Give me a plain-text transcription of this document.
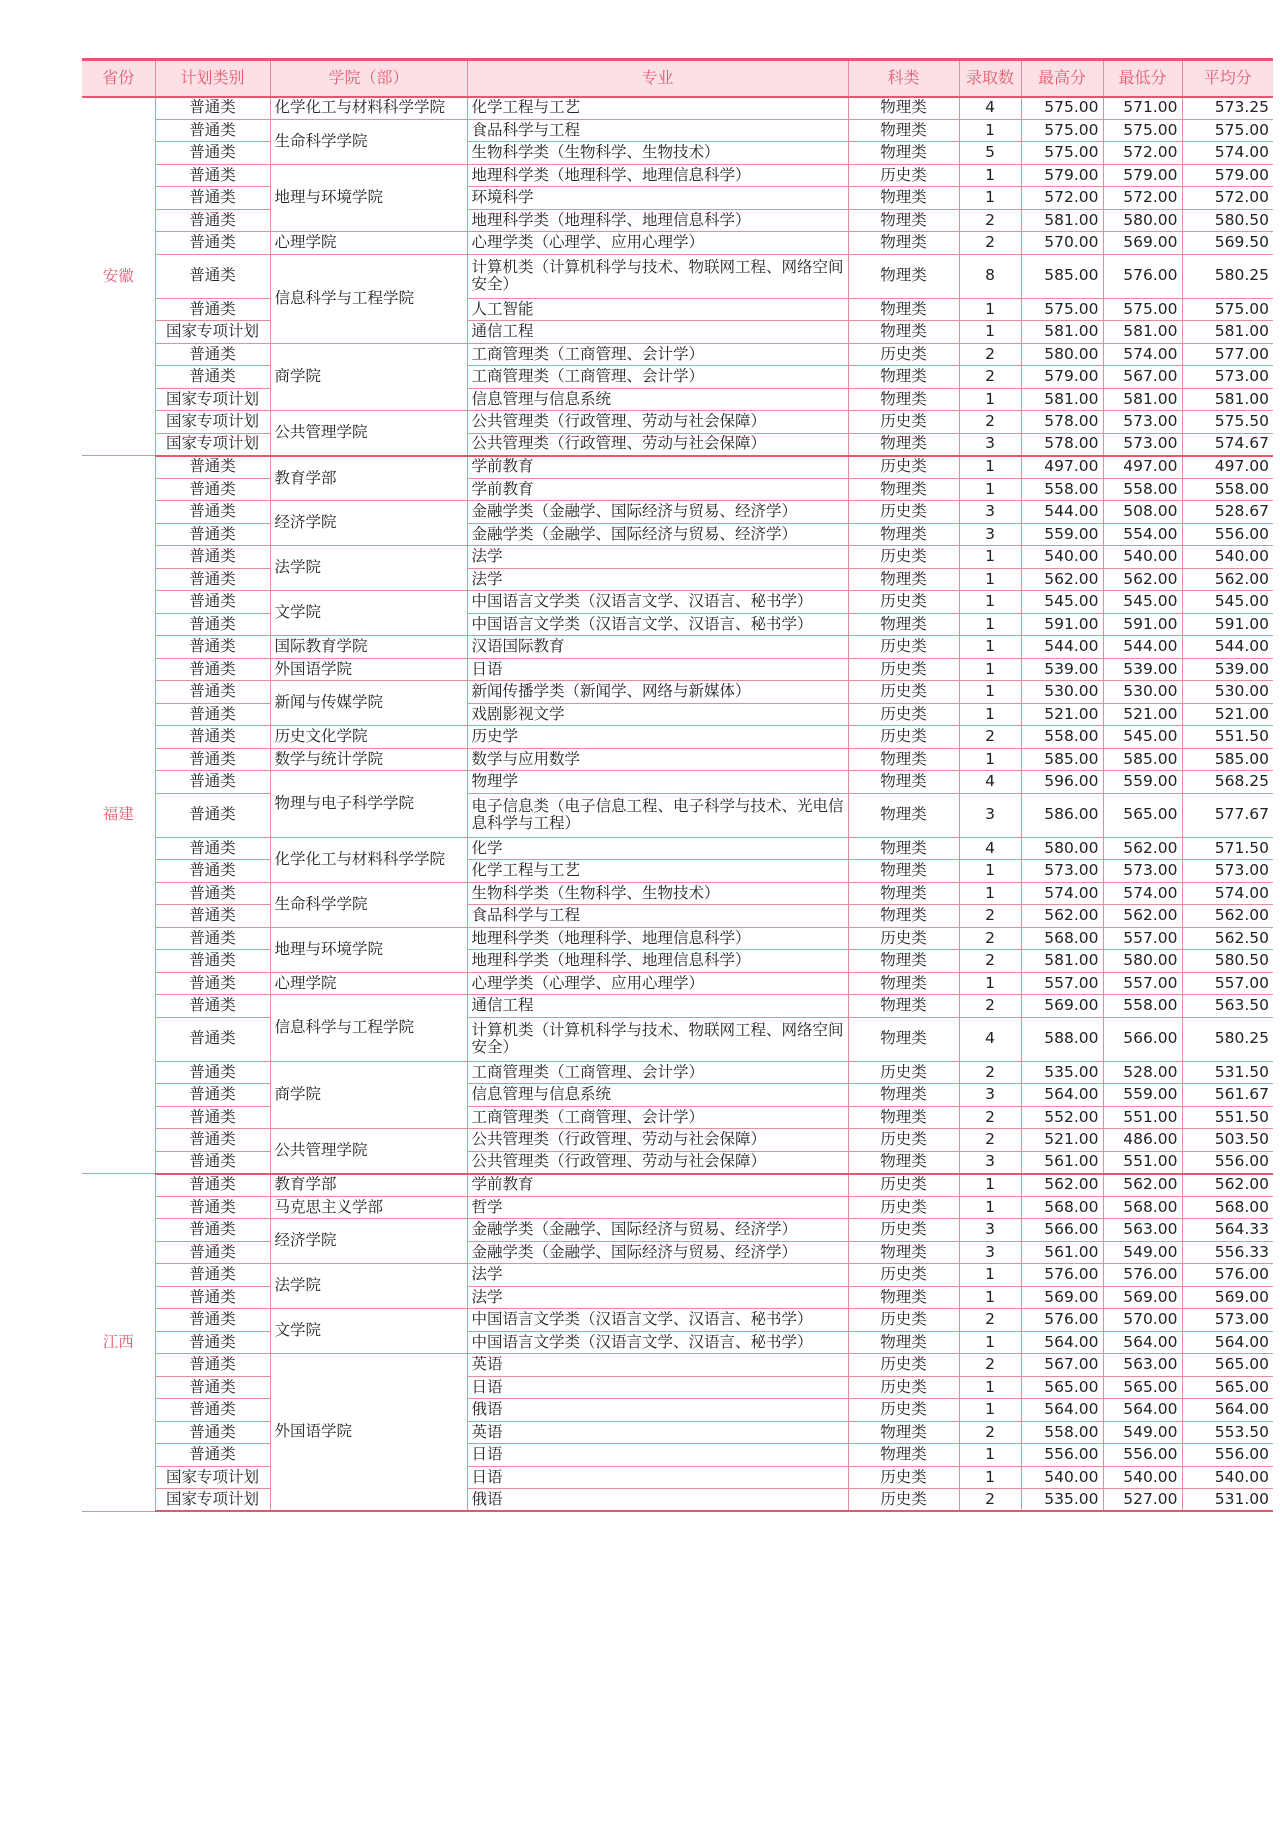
省份	计划类别	学院（部）	专业	科类	录取数	最高分	最低分	平均分
安徽	普通类	化学化工与材料科学学院	化学工程与工艺	物理类	4	575.00	571.00	573.25
	普通类	生命科学学院	食品科学与工程	物理类	1	575.00	575.00	575.00
	普通类		生物科学类（生物科学、生物技术）	物理类	5	575.00	572.00	574.00
	普通类	地理与环境学院	地理科学类（地理科学、地理信息科学）	历史类	1	579.00	579.00	579.00
	普通类		环境科学	物理类	1	572.00	572.00	572.00
	普通类		地理科学类（地理科学、地理信息科学）	物理类	2	581.00	580.00	580.50
	普通类	心理学院	心理学类（心理学、应用心理学）	物理类	2	570.00	569.00	569.50
	普通类	信息科学与工程学院	计算机类（计算机科学与技术、物联网工程、网络空间安全）	物理类	8	585.00	576.00	580.25
	普通类		人工智能	物理类	1	575.00	575.00	575.00
	国家专项计划		通信工程	物理类	1	581.00	581.00	581.00
	普通类	商学院	工商管理类（工商管理、会计学）	历史类	2	580.00	574.00	577.00
	普通类		工商管理类（工商管理、会计学）	物理类	2	579.00	567.00	573.00
	国家专项计划		信息管理与信息系统	物理类	1	581.00	581.00	581.00
	国家专项计划	公共管理学院	公共管理类（行政管理、劳动与社会保障）	历史类	2	578.00	573.00	575.50
	国家专项计划		公共管理类（行政管理、劳动与社会保障）	物理类	3	578.00	573.00	574.67
福建	普通类	教育学部	学前教育	历史类	1	497.00	497.00	497.00
	普通类		学前教育	物理类	1	558.00	558.00	558.00
	普通类	经济学院	金融学类（金融学、国际经济与贸易、经济学）	历史类	3	544.00	508.00	528.67
	普通类		金融学类（金融学、国际经济与贸易、经济学）	物理类	3	559.00	554.00	556.00
	普通类	法学院	法学	历史类	1	540.00	540.00	540.00
	普通类		法学	物理类	1	562.00	562.00	562.00
	普通类	文学院	中国语言文学类（汉语言文学、汉语言、秘书学）	历史类	1	545.00	545.00	545.00
	普通类		中国语言文学类（汉语言文学、汉语言、秘书学）	物理类	1	591.00	591.00	591.00
	普通类	国际教育学院	汉语国际教育	历史类	1	544.00	544.00	544.00
	普通类	外国语学院	日语	历史类	1	539.00	539.00	539.00
	普通类	新闻与传媒学院	新闻传播学类（新闻学、网络与新媒体）	历史类	1	530.00	530.00	530.00
	普通类		戏剧影视文学	历史类	1	521.00	521.00	521.00
	普通类	历史文化学院	历史学	历史类	2	558.00	545.00	551.50
	普通类	数学与统计学院	数学与应用数学	物理类	1	585.00	585.00	585.00
	普通类	物理与电子科学学院	物理学	物理类	4	596.00	559.00	568.25
	普通类		电子信息类（电子信息工程、电子科学与技术、光电信息科学与工程）	物理类	3	586.00	565.00	577.67
	普通类	化学化工与材料科学学院	化学	物理类	4	580.00	562.00	571.50
	普通类		化学工程与工艺	物理类	1	573.00	573.00	573.00
	普通类	生命科学学院	生物科学类（生物科学、生物技术）	物理类	1	574.00	574.00	574.00
	普通类		食品科学与工程	物理类	2	562.00	562.00	562.00
	普通类	地理与环境学院	地理科学类（地理科学、地理信息科学）	历史类	2	568.00	557.00	562.50
	普通类		地理科学类（地理科学、地理信息科学）	物理类	2	581.00	580.00	580.50
	普通类	心理学院	心理学类（心理学、应用心理学）	物理类	1	557.00	557.00	557.00
	普通类	信息科学与工程学院	通信工程	物理类	2	569.00	558.00	563.50
	普通类		计算机类（计算机科学与技术、物联网工程、网络空间安全）	物理类	4	588.00	566.00	580.25
	普通类	商学院	工商管理类（工商管理、会计学）	历史类	2	535.00	528.00	531.50
	普通类		信息管理与信息系统	物理类	3	564.00	559.00	561.67
	普通类		工商管理类（工商管理、会计学）	物理类	2	552.00	551.00	551.50
	普通类	公共管理学院	公共管理类（行政管理、劳动与社会保障）	历史类	2	521.00	486.00	503.50
	普通类		公共管理类（行政管理、劳动与社会保障）	物理类	3	561.00	551.00	556.00
江西	普通类	教育学部	学前教育	历史类	1	562.00	562.00	562.00
	普通类	马克思主义学部	哲学	历史类	1	568.00	568.00	568.00
	普通类	经济学院	金融学类（金融学、国际经济与贸易、经济学）	历史类	3	566.00	563.00	564.33
	普通类		金融学类（金融学、国际经济与贸易、经济学）	物理类	3	561.00	549.00	556.33
	普通类	法学院	法学	历史类	1	576.00	576.00	576.00
	普通类		法学	物理类	1	569.00	569.00	569.00
	普通类	文学院	中国语言文学类（汉语言文学、汉语言、秘书学）	历史类	2	576.00	570.00	573.00
	普通类		中国语言文学类（汉语言文学、汉语言、秘书学）	物理类	1	564.00	564.00	564.00
	普通类	外国语学院	英语	历史类	2	567.00	563.00	565.00
	普通类		日语	历史类	1	565.00	565.00	565.00
	普通类		俄语	历史类	1	564.00	564.00	564.00
	普通类		英语	物理类	2	558.00	549.00	553.50
	普通类		日语	物理类	1	556.00	556.00	556.00
	国家专项计划		日语	历史类	1	540.00	540.00	540.00
	国家专项计划		俄语	历史类	2	535.00	527.00	531.00
